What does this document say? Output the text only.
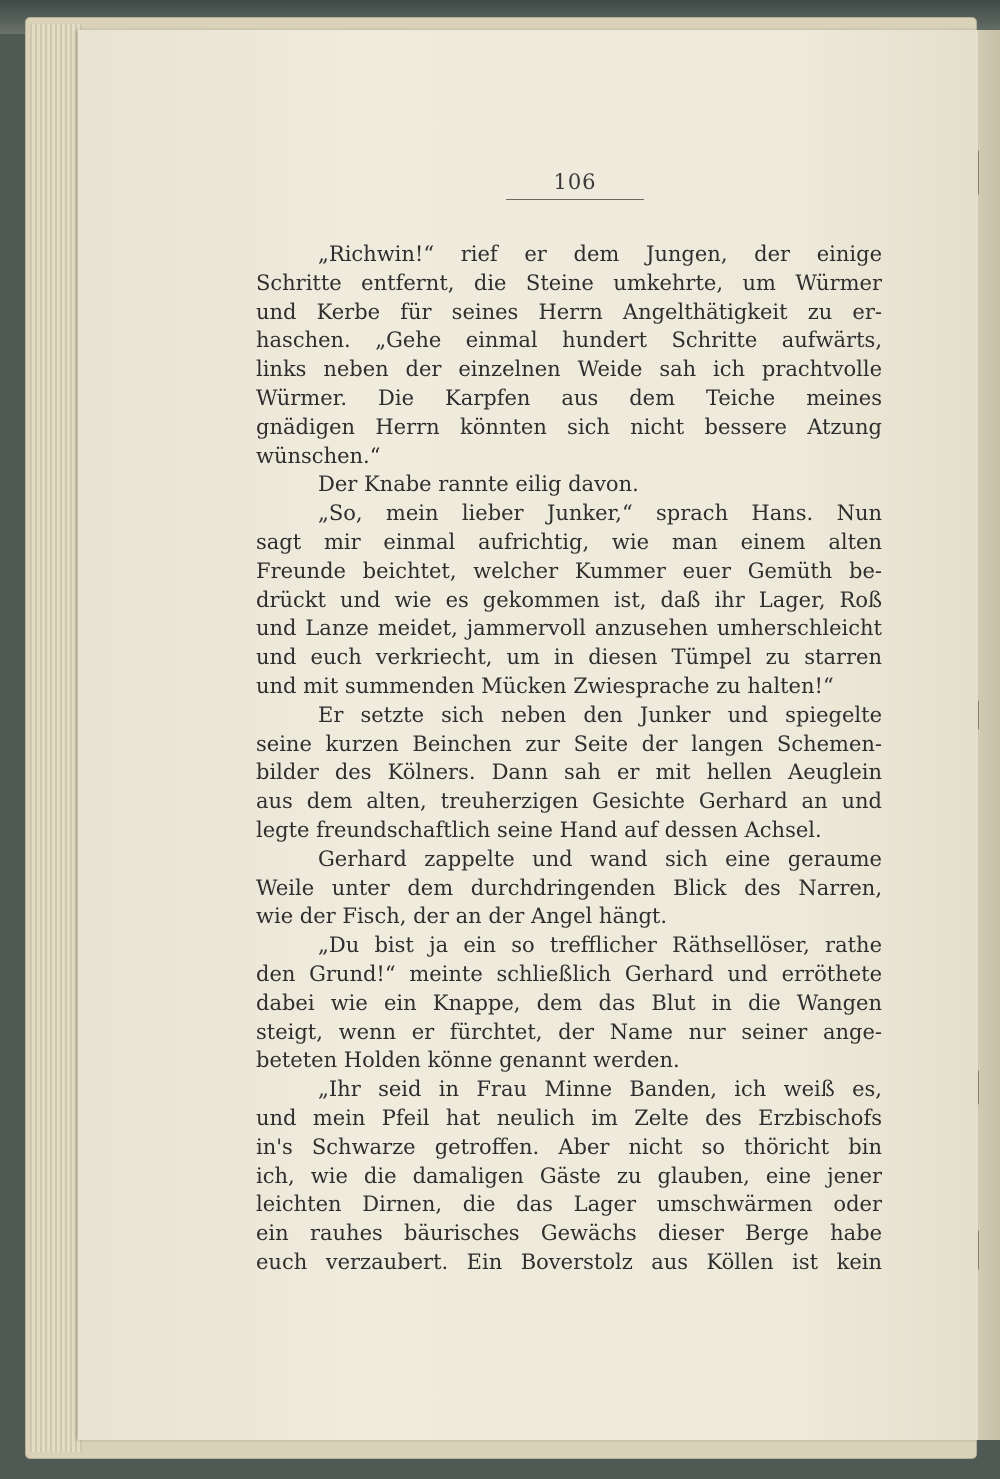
106
„Richwin!“ rief er dem Jungen, der einige
Schritte entfernt, die Steine umkehrte, um Würmer
und Kerbe für seines Herrn Angelthätigkeit zu er-
haschen. „Gehe einmal hundert Schritte aufwärts,
links neben der einzelnen Weide sah ich prachtvolle
Würmer. Die Karpfen aus dem Teiche meines
gnädigen Herrn könnten sich nicht bessere Atzung
wünschen.“
Der Knabe rannte eilig davon.
„So, mein lieber Junker,“ sprach Hans. Nun
sagt mir einmal aufrichtig, wie man einem alten
Freunde beichtet, welcher Kummer euer Gemüth be-
drückt und wie es gekommen ist, daß ihr Lager, Roß
und Lanze meidet, jammervoll anzusehen umherschleicht
und euch verkriecht, um in diesen Tümpel zu starren
und mit summenden Mücken Zwiesprache zu halten!“
Er setzte sich neben den Junker und spiegelte
seine kurzen Beinchen zur Seite der langen Schemen-
bilder des Kölners. Dann sah er mit hellen Aeuglein
aus dem alten, treuherzigen Gesichte Gerhard an und
legte freundschaftlich seine Hand auf dessen Achsel.
Gerhard zappelte und wand sich eine geraume
Weile unter dem durchdringenden Blick des Narren,
wie der Fisch, der an der Angel hängt.
„Du bist ja ein so trefflicher Räthsellöser, rathe
den Grund!“ meinte schließlich Gerhard und erröthete
dabei wie ein Knappe, dem das Blut in die Wangen
steigt, wenn er fürchtet, der Name nur seiner ange-
beteten Holden könne genannt werden.
„Ihr seid in Frau Minne Banden, ich weiß es,
und mein Pfeil hat neulich im Zelte des Erzbischofs
in's Schwarze getroffen. Aber nicht so thöricht bin
ich, wie die damaligen Gäste zu glauben, eine jener
leichten Dirnen, die das Lager umschwärmen oder
ein rauhes bäurisches Gewächs dieser Berge habe
euch verzaubert. Ein Boverstolz aus Köllen ist kein
